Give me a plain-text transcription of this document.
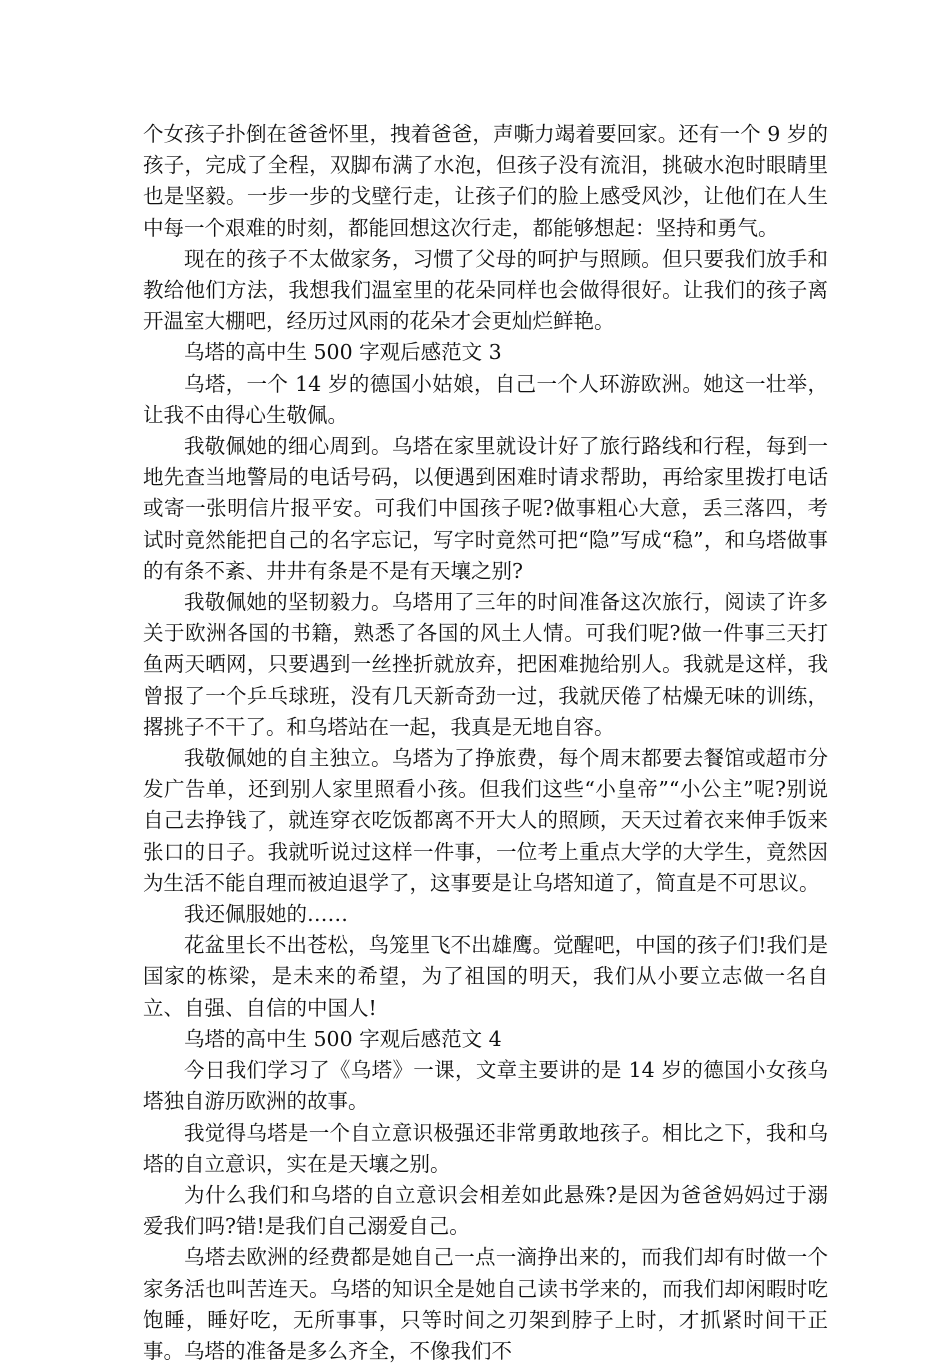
个女孩子扑倒在爸爸怀里，拽着爸爸，声嘶力竭着要回家。还有一个 9 岁的孩子，完成了全程，双脚布满了水泡，但孩子没有流泪，挑破水泡时眼睛里也是坚毅。一步一步的戈壁行走，让孩子们的脸上感受风沙，让他们在人生中每一个艰难的时刻，都能回想这次行走，都能够想起：坚持和勇气。

现在的孩子不太做家务，习惯了父母的呵护与照顾。但只要我们放手和教给他们方法，我想我们温室里的花朵同样也会做得很好。让我们的孩子离开温室大棚吧，经历过风雨的花朵才会更灿烂鲜艳。

乌塔的高中生 500 字观后感范文 3

乌塔，一个 14 岁的德国小姑娘，自己一个人环游欧洲。她这一壮举，让我不由得心生敬佩。

我敬佩她的细心周到。乌塔在家里就设计好了旅行路线和行程，每到一地先查当地警局的电话号码，以便遇到困难时请求帮助，再给家里拨打电话或寄一张明信片报平安。可我们中国孩子呢?做事粗心大意，丢三落四，考试时竟然能把自己的名字忘记，写字时竟然可把“隐”写成“稳”，和乌塔做事的有条不紊、井井有条是不是有天壤之别?

我敬佩她的坚韧毅力。乌塔用了三年的时间准备这次旅行，阅读了许多关于欧洲各国的书籍，熟悉了各国的风土人情。可我们呢?做一件事三天打鱼两天晒网，只要遇到一丝挫折就放弃，把困难抛给别人。我就是这样，我曾报了一个乒乓球班，没有几天新奇劲一过，我就厌倦了枯燥无味的训练，撂挑子不干了。和乌塔站在一起，我真是无地自容。

我敬佩她的自主独立。乌塔为了挣旅费，每个周末都要去餐馆或超市分发广告单，还到别人家里照看小孩。但我们这些“小皇帝”“小公主”呢?别说自己去挣钱了，就连穿衣吃饭都离不开大人的照顾，天天过着衣来伸手饭来张口的日子。我就听说过这样一件事，一位考上重点大学的大学生，竟然因为生活不能自理而被迫退学了，这事要是让乌塔知道了，简直是不可思议。

我还佩服她的……

花盆里长不出苍松，鸟笼里飞不出雄鹰。觉醒吧，中国的孩子们!我们是国家的栋梁，是未来的希望，为了祖国的明天，我们从小要立志做一名自立、自强、自信的中国人!

乌塔的高中生 500 字观后感范文 4

今日我们学习了《乌塔》一课，文章主要讲的是 14 岁的德国小女孩乌塔独自游历欧洲的故事。

我觉得乌塔是一个自立意识极强还非常勇敢地孩子。相比之下，我和乌塔的自立意识，实在是天壤之别。

为什么我们和乌塔的自立意识会相差如此悬殊?是因为爸爸妈妈过于溺爱我们吗?错!是我们自己溺爱自己。

乌塔去欧洲的经费都是她自己一点一滴挣出来的，而我们却有时做一个家务活也叫苦连天。乌塔的知识全是她自己读书学来的，而我们却闲暇时吃饱睡，睡好吃，无所事事，只等时间之刃架到脖子上时，才抓紧时间干正事。乌塔的准备是多么齐全，不像我们不
